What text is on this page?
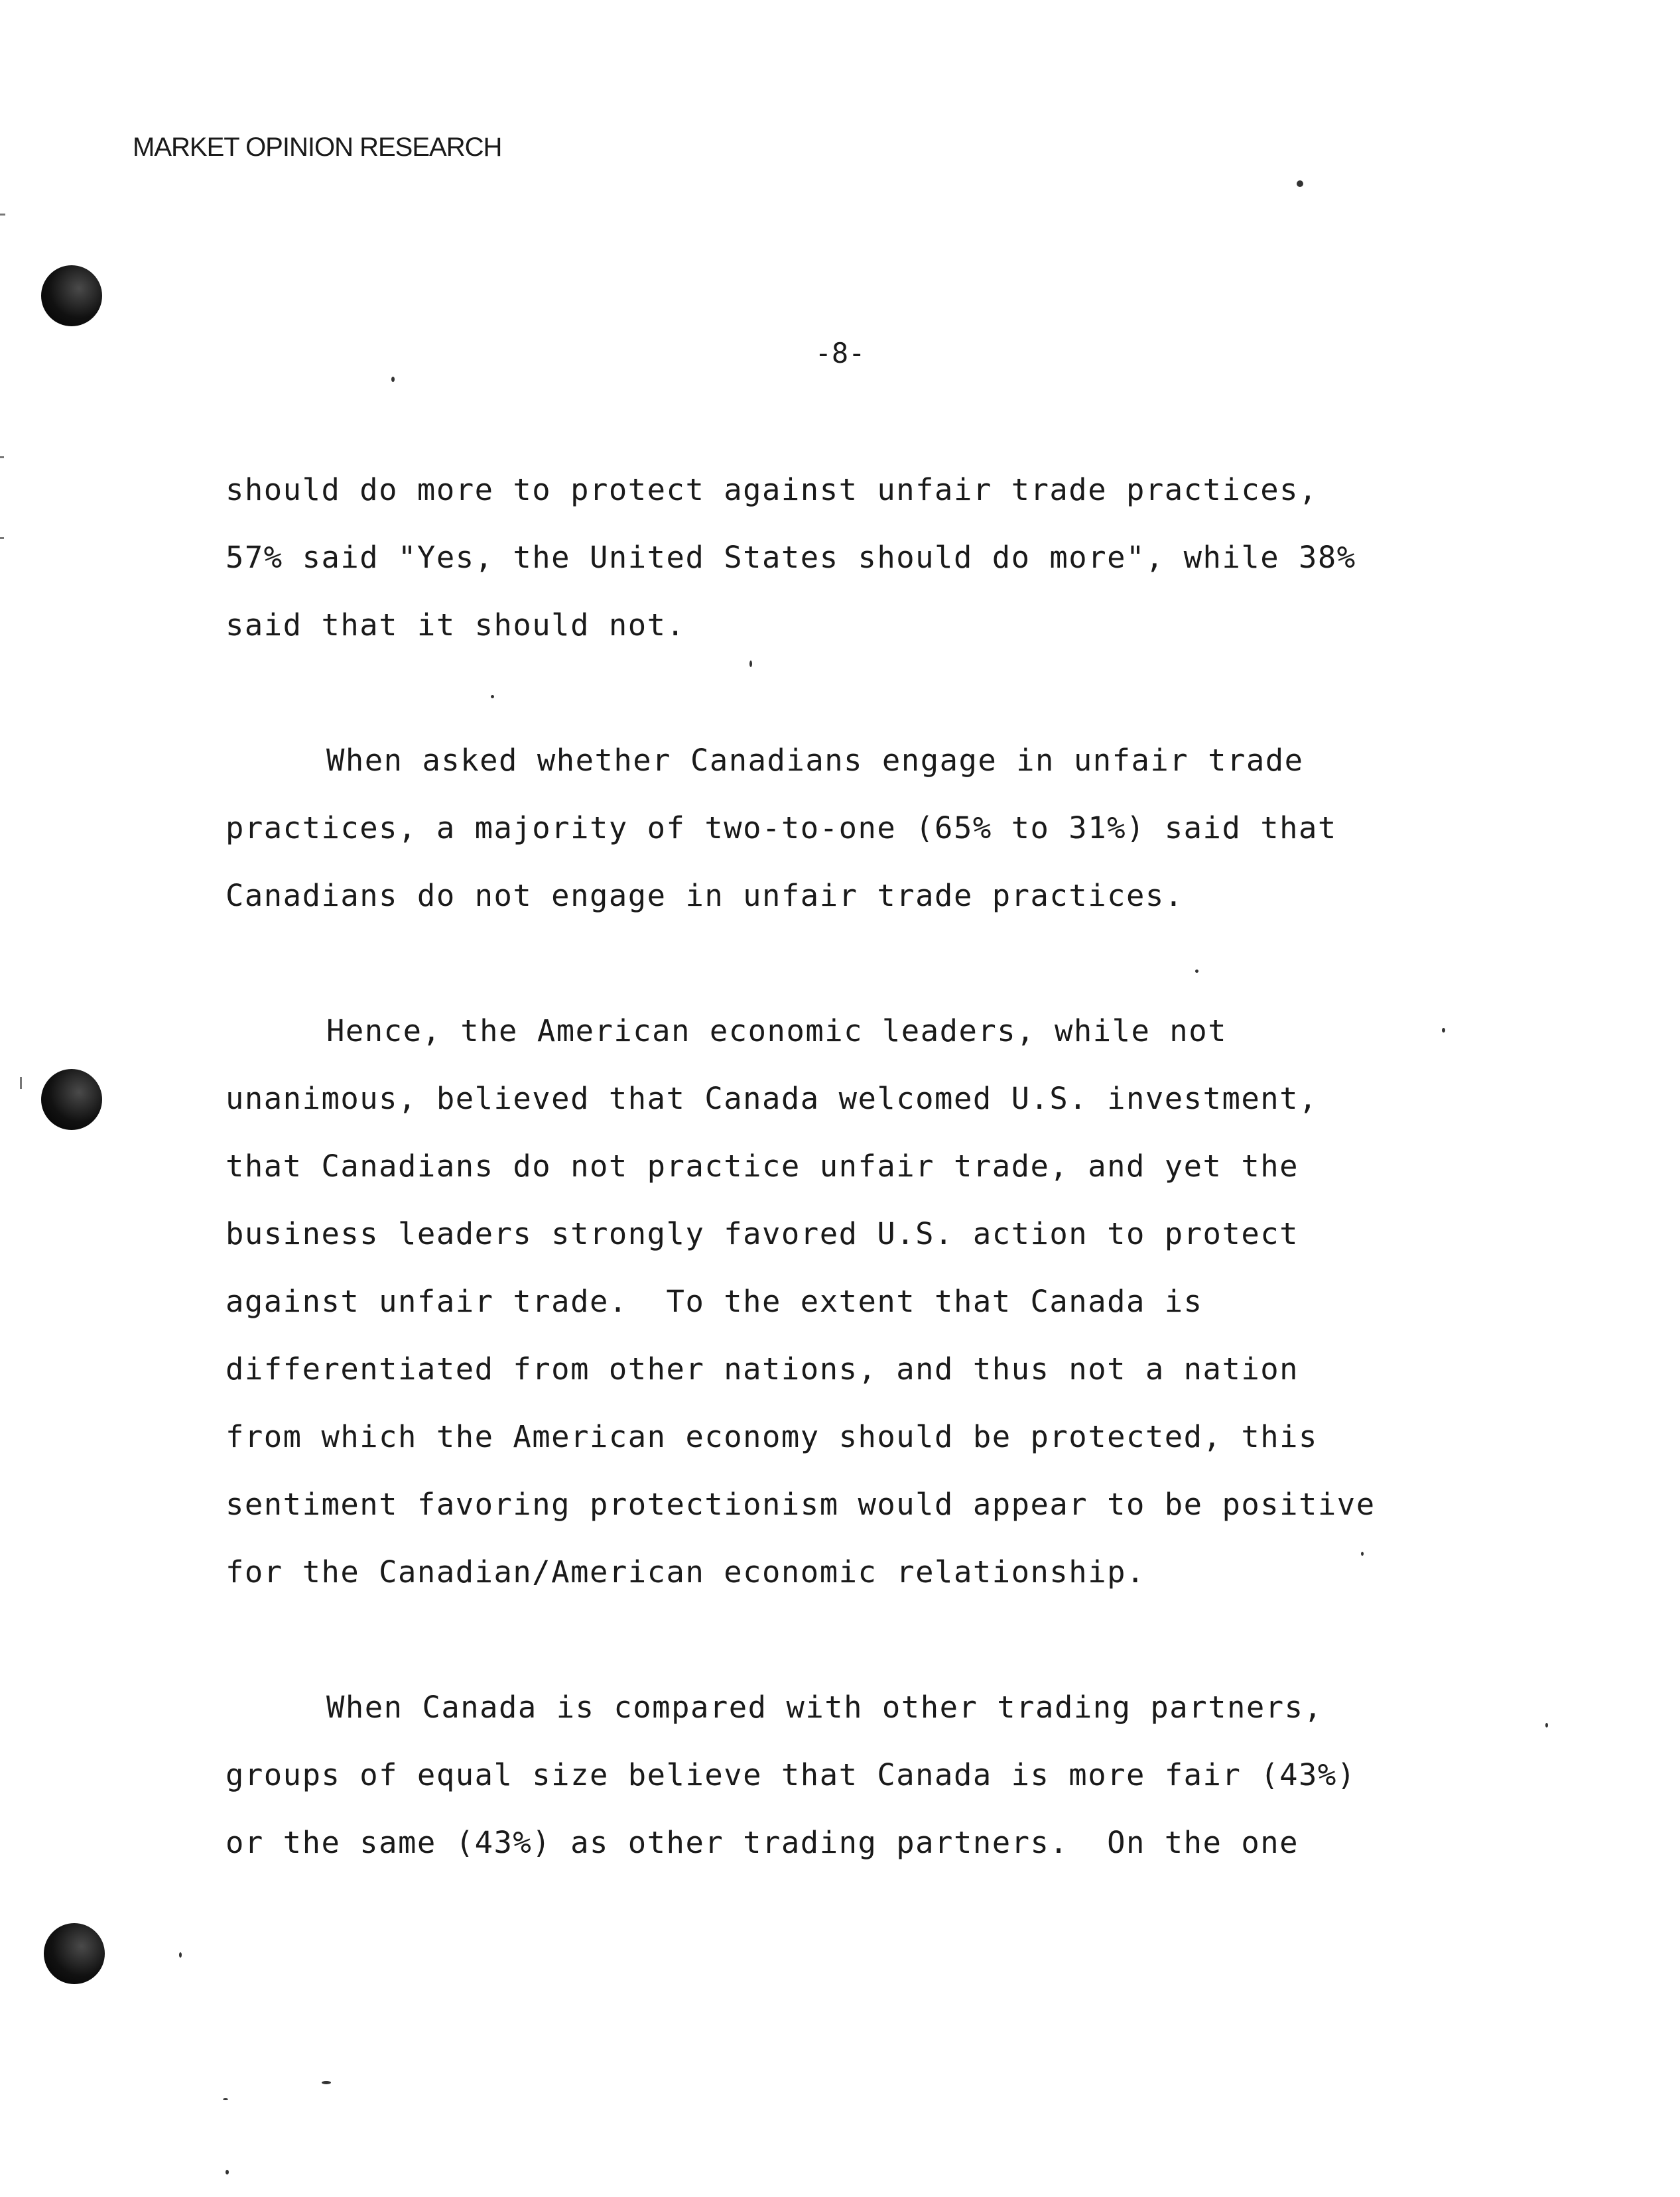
MARKET OPINION RESEARCH
-8-
should do more to protect against unfair trade practices,
57% said "Yes, the United States should do more", while 38%
said that it should not.
When asked whether Canadians engage in unfair trade
practices, a majority of two-to-one (65% to 31%) said that
Canadians do not engage in unfair trade practices.
Hence, the American economic leaders, while not
unanimous, believed that Canada welcomed U.S. investment,
that Canadians do not practice unfair trade, and yet the
business leaders strongly favored U.S. action to protect
against unfair trade.  To the extent that Canada is
differentiated from other nations, and thus not a nation
from which the American economy should be protected, this
sentiment favoring protectionism would appear to be positive
for the Canadian/American economic relationship.
When Canada is compared with other trading partners,
groups of equal size believe that Canada is more fair (43%)
or the same (43%) as other trading partners.  On the one
